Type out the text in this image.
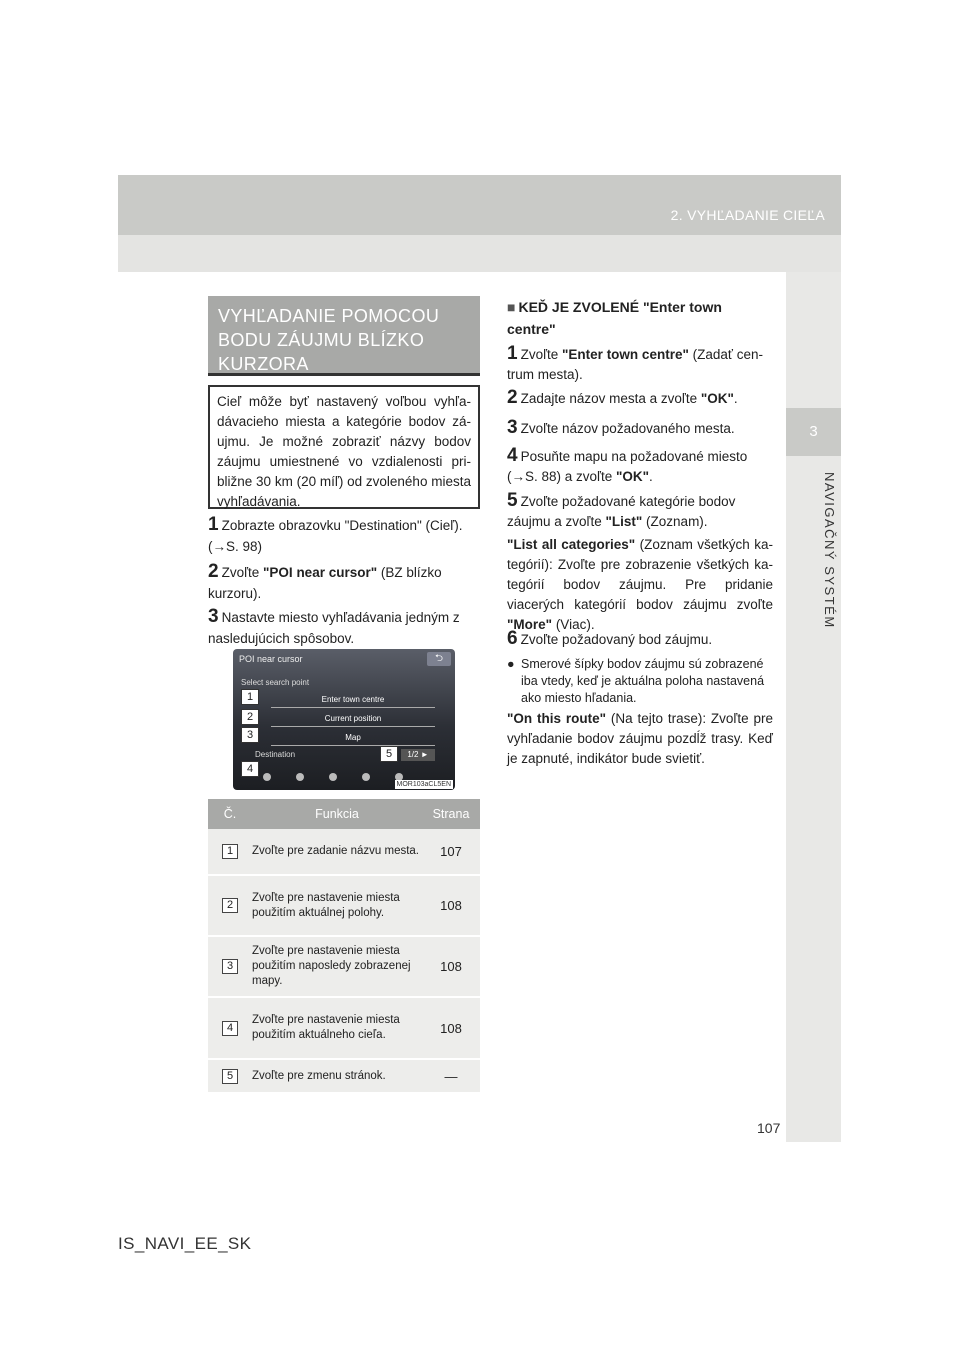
2. VYHĽADANIE CIEĽA
3
NAVIGAČNÝ SYSTÉM
VYHĽADANIE POMOCOU BODU ZÁUJMU BLÍZKO KURZORA
Cieľ môže byť nastavený voľbou vyhľa-dávacieho miesta a kategórie bodov zá-ujmu. Je možné zobraziť názvy bodov záujmu umiestnené vo vzdialenosti pri-bližne 30 km (20 míľ) od zvoleného miesta vyhľadávania.
1 Zobrazte obrazovku "Destination" (Cieľ). (→S. 98)
2 Zvoľte "POI near cursor" (BZ blízko kurzoru).
3 Nastavte miesto vyhľadávania jedným z nasledujúcich spôsobov.
POI near cursor	⮌
Select search point
Enter town centre
Current position
Map
Destination	1/2 ►
MOR103aCL5EN
1
2
3
4
5
Č.	Funkcia	Strana
1	Zvoľte pre zadanie názvu mesta.	107
2	Zvoľte pre nastavenie miesta použitím aktuálnej polohy.	108
3	Zvoľte pre nastavenie miesta použitím naposledy zobrazenej mapy.	108
4	Zvoľte pre nastavenie miesta použitím aktuálneho cieľa.	108
5	Zvoľte pre zmenu stránok.	—
■ KEĎ JE ZVOLENÉ "Enter town centre"
1 Zvoľte "Enter town centre" (Zadať cen-trum mesta).
2 Zadajte názov mesta a zvoľte "OK".
3 Zvoľte názov požadovaného mesta.
4 Posuňte mapu na požadované miesto (→S. 88) a zvoľte "OK".
5 Zvoľte požadované kategórie bodov záujmu a zvoľte "List" (Zoznam).
"List all categories" (Zoznam všetkých ka-tegórií): Zvoľte pre zobrazenie všetkých ka-tegórií bodov záujmu. Pre pridanie viacerých kategórií bodov záujmu zvoľte "More" (Viac).
6 Zvoľte požadovaný bod záujmu.
● Smerové šípky bodov záujmu sú zobrazené iba vtedy, keď je aktuálna poloha nastavená ako miesto hľadania.
"On this route" (Na tejto trase): Zvoľte pre vyhľadanie bodov záujmu pozdĺž trasy. Keď je zapnuté, indikátor bude svietiť.
107
IS_NAVI_EE_SK
